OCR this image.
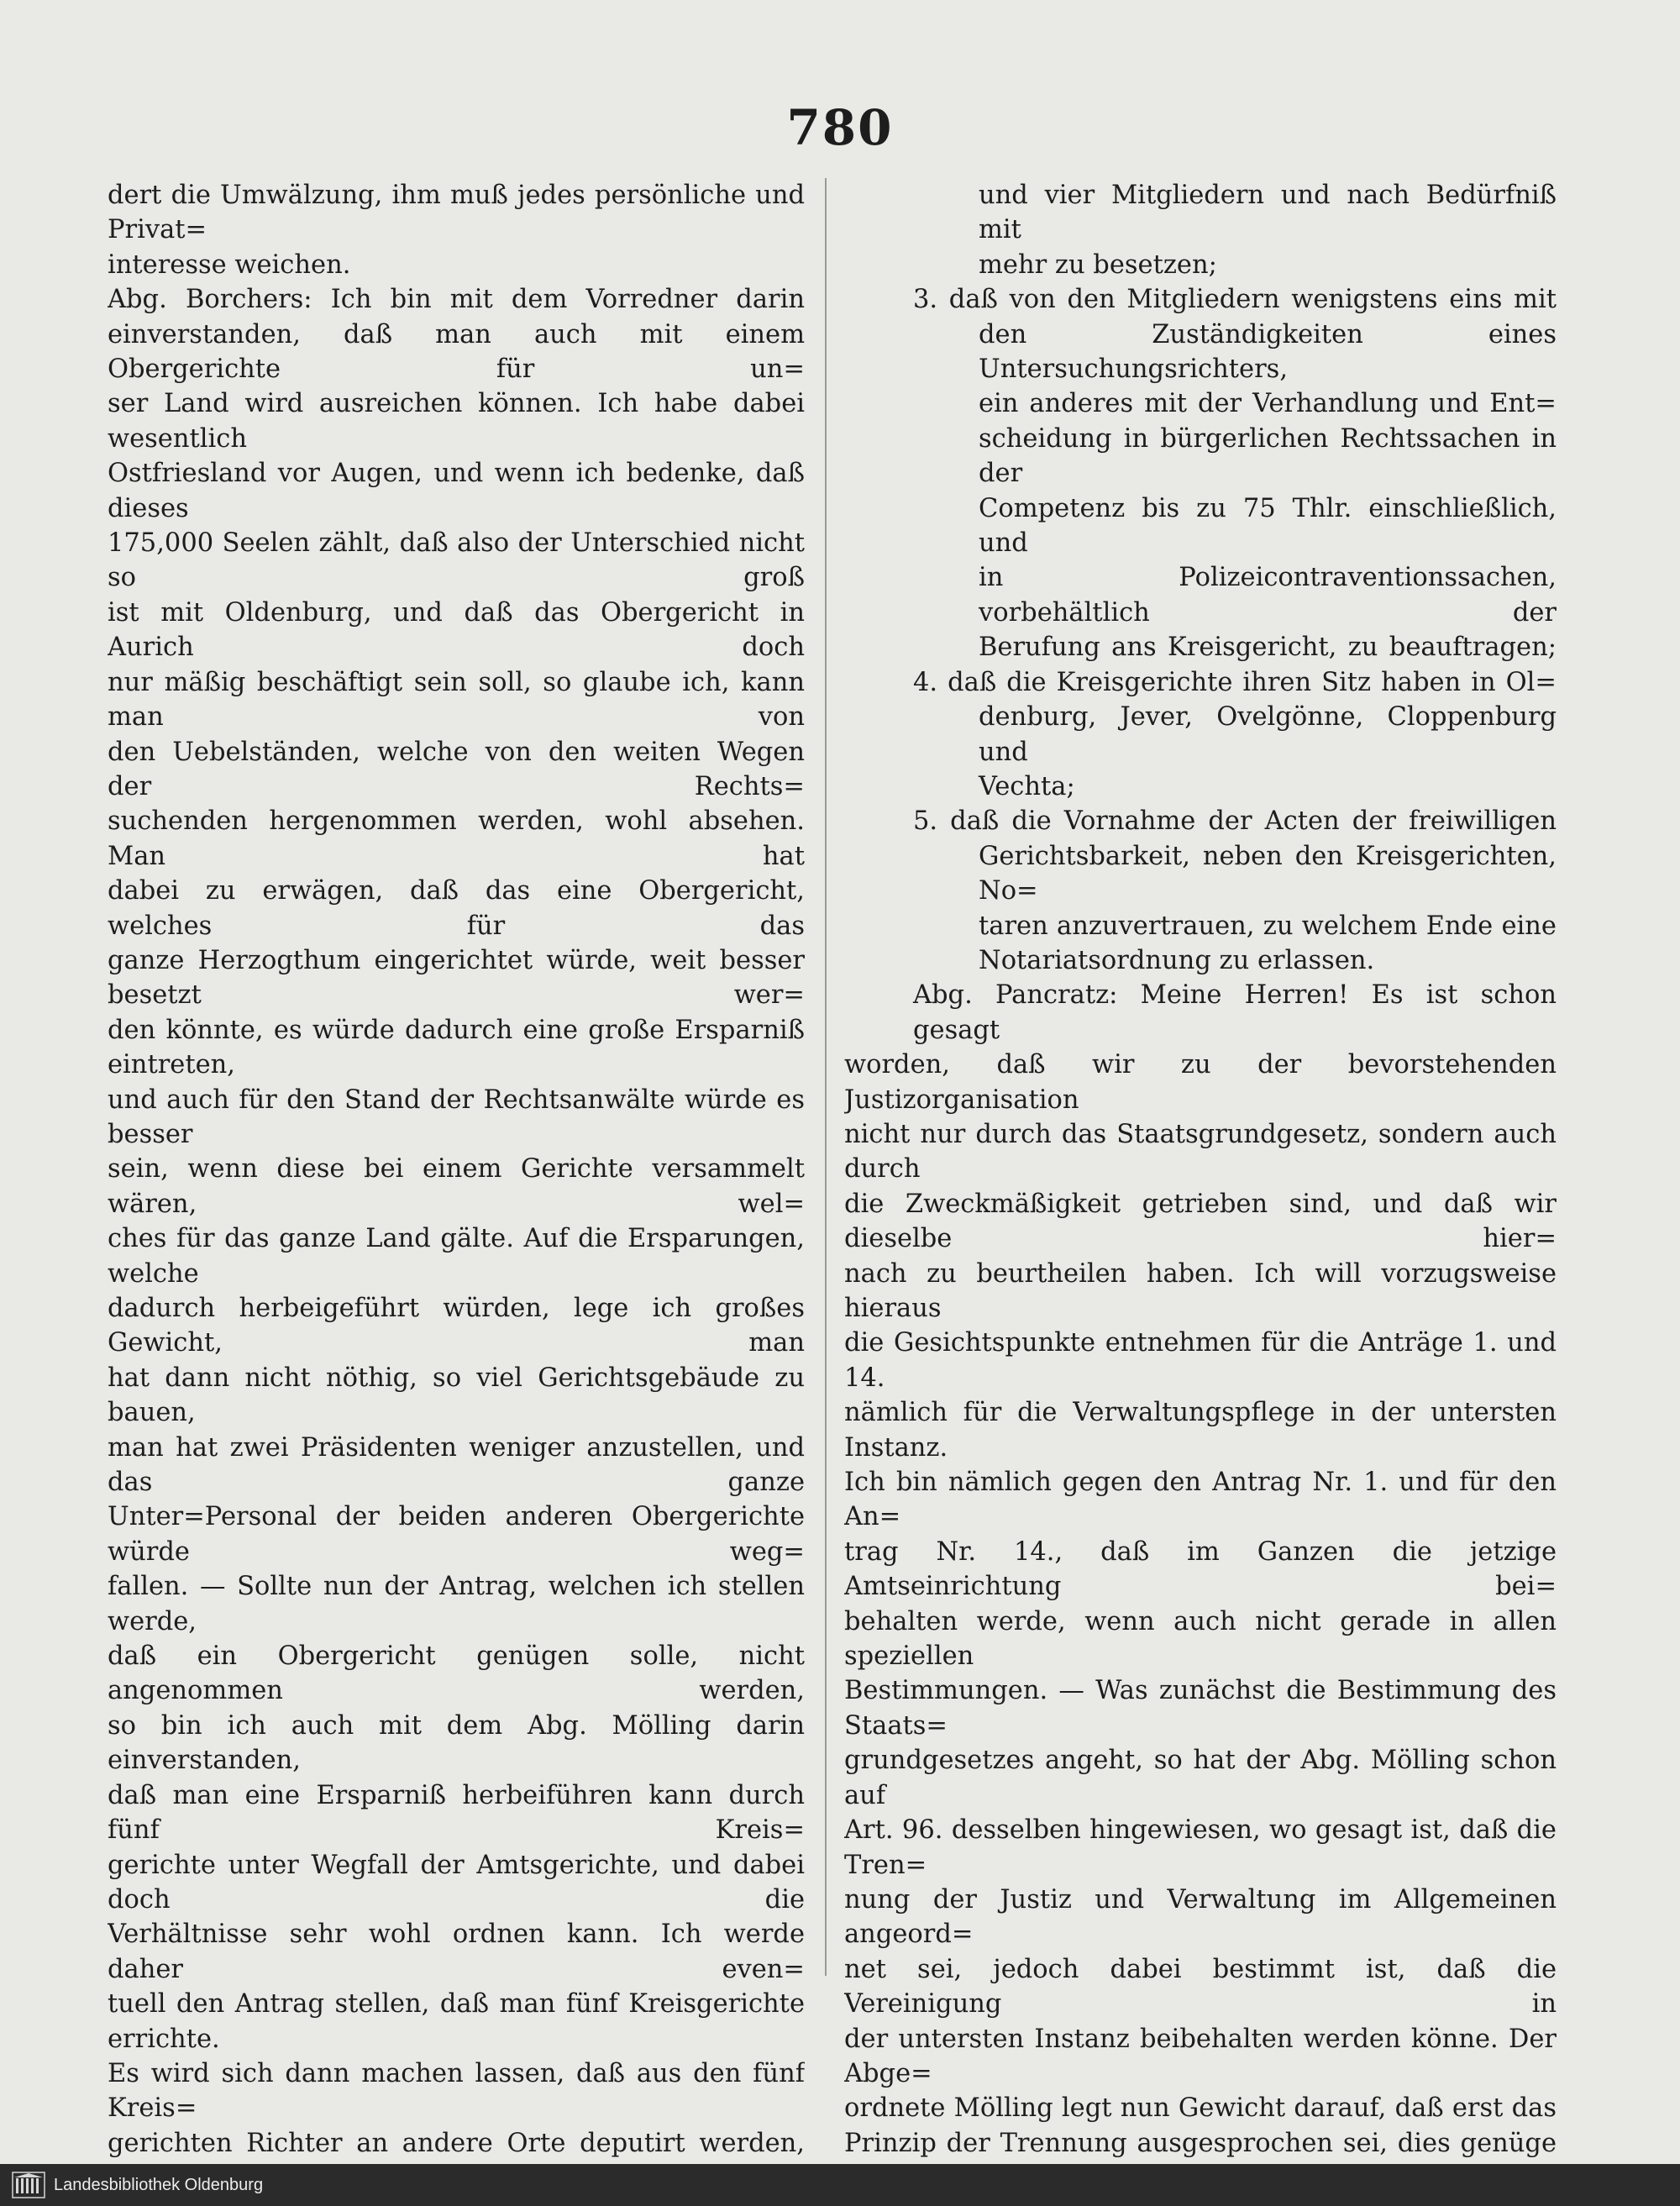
780
dert die Umwälzung, ihm muß jedes persönliche und Privat=
interesse weichen.
Abg. Borchers: Ich bin mit dem Vorredner darin
einverstanden, daß man auch mit einem Obergerichte für un=
ser Land wird ausreichen können. Ich habe dabei wesentlich
Ostfriesland vor Augen, und wenn ich bedenke, daß dieses
175,000 Seelen zählt, daß also der Unterschied nicht so groß
ist mit Oldenburg, und daß das Obergericht in Aurich doch
nur mäßig beschäftigt sein soll, so glaube ich, kann man von
den Uebelständen, welche von den weiten Wegen der Rechts=
suchenden hergenommen werden, wohl absehen. Man hat
dabei zu erwägen, daß das eine Obergericht, welches für das
ganze Herzogthum eingerichtet würde, weit besser besetzt wer=
den könnte, es würde dadurch eine große Ersparniß eintreten,
und auch für den Stand der Rechtsanwälte würde es besser
sein, wenn diese bei einem Gerichte versammelt wären, wel=
ches für das ganze Land gälte. Auf die Ersparungen, welche
dadurch herbeigeführt würden, lege ich großes Gewicht, man
hat dann nicht nöthig, so viel Gerichtsgebäude zu bauen,
man hat zwei Präsidenten weniger anzustellen, und das ganze
Unter=Personal der beiden anderen Obergerichte würde weg=
fallen. — Sollte nun der Antrag, welchen ich stellen werde,
daß ein Obergericht genügen solle, nicht angenommen werden,
so bin ich auch mit dem Abg. Mölling darin einverstanden,
daß man eine Ersparniß herbeiführen kann durch fünf Kreis=
gerichte unter Wegfall der Amtsgerichte, und dabei doch die
Verhältnisse sehr wohl ordnen kann. Ich werde daher even=
tuell den Antrag stellen, daß man fünf Kreisgerichte errichte.
Es wird sich dann machen lassen, daß aus den fünf Kreis=
gerichten Richter an andere Orte deputirt werden,
und vier Mitgliedern und nach Bedürfniß mit
mehr zu besetzen;
3. daß von den Mitgliedern wenigstens eins mit
den Zuständigkeiten eines Untersuchungsrichters,
ein anderes mit der Verhandlung und Ent=
scheidung in bürgerlichen Rechtssachen in der
Competenz bis zu 75 Thlr. einschließlich, und
in Polizeicontraventionssachen, vorbehältlich der
Berufung ans Kreisgericht, zu beauftragen;
4. daß die Kreisgerichte ihren Sitz haben in Ol=
denburg, Jever, Ovelgönne, Cloppenburg und
Vechta;
5. daß die Vornahme der Acten der freiwilligen
Gerichtsbarkeit, neben den Kreisgerichten, No=
taren anzuvertrauen, zu welchem Ende eine
Notariatsordnung zu erlassen.
Abg. Pancratz: Meine Herren! Es ist schon gesagt
worden, daß wir zu der bevorstehenden Justizorganisation
nicht nur durch das Staatsgrundgesetz, sondern auch durch
die Zweckmäßigkeit getrieben sind, und daß wir dieselbe hier=
nach zu beurtheilen haben. Ich will vorzugsweise hieraus
die Gesichtspunkte entnehmen für die Anträge 1. und 14.
nämlich für die Verwaltungspflege in der untersten Instanz.
Ich bin nämlich gegen den Antrag Nr. 1. und für den An=
trag Nr. 14., daß im Ganzen die jetzige Amtseinrichtung bei=
behalten werde, wenn auch nicht gerade in allen speziellen
Bestimmungen. — Was zunächst die Bestimmung des Staats=
grundgesetzes angeht, so hat der Abg. Mölling schon auf
Art. 96. desselben hingewiesen, wo gesagt ist, daß die Tren=
nung der Justiz und Verwaltung im Allgemeinen angeord=
net sei, jedoch dabei bestimmt ist, daß die Vereinigung in
der untersten Instanz beibehalten werden könne. Der Abge=
ordnete Mölling legt nun Gewicht darauf, daß erst das
Prinzip der Trennung ausgesprochen sei, dies genüge
Landesbibliothek Oldenburg
